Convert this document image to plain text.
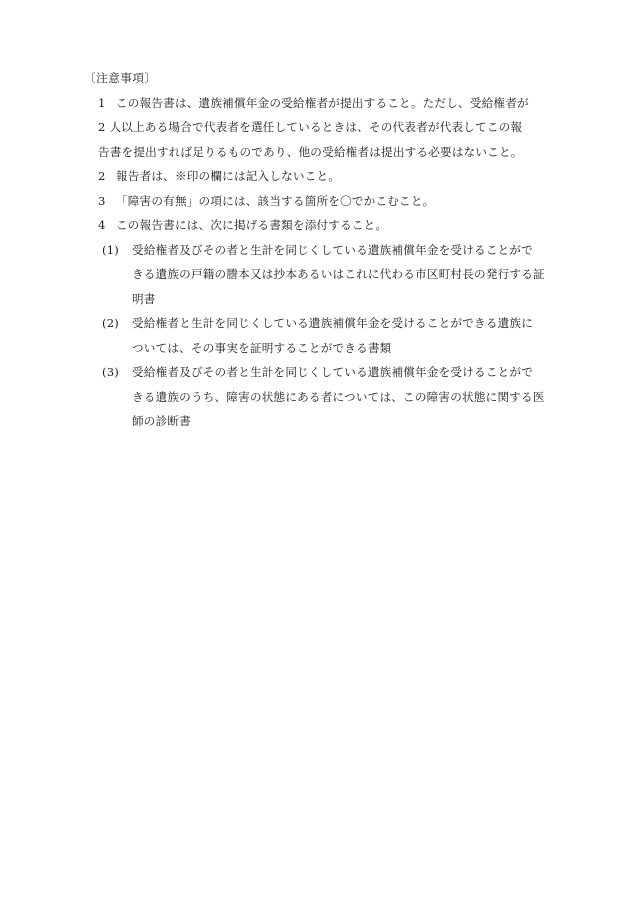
〔注意事項〕
1 この報告書は、遺族補償年金の受給権者が提出すること。ただし、受給権者が
2 人以上ある場合で代表者を選任しているときは、その代表者が代表してこの報
告書を提出すれば足りるものであり、他の受給権者は提出する必要はないこと。
2 報告者は、※印の欄には記入しないこと。
3 「障害の有無」の項には、該当する箇所を〇でかこむこと。
4 この報告書には、次に掲げる書類を添付すること。
(1) 受給権者及びその者と生計を同じくしている遺族補償年金を受けることがで
きる遺族の戸籍の謄本又は抄本あるいはこれに代わる市区町村長の発行する証
明書
(2) 受給権者と生計を同じくしている遺族補償年金を受けることができる遺族に
ついては、その事実を証明することができる書類
(3) 受給権者及びその者と生計を同じくしている遺族補償年金を受けることがで
きる遺族のうち、障害の状態にある者については、この障害の状態に関する医
師の診断書
